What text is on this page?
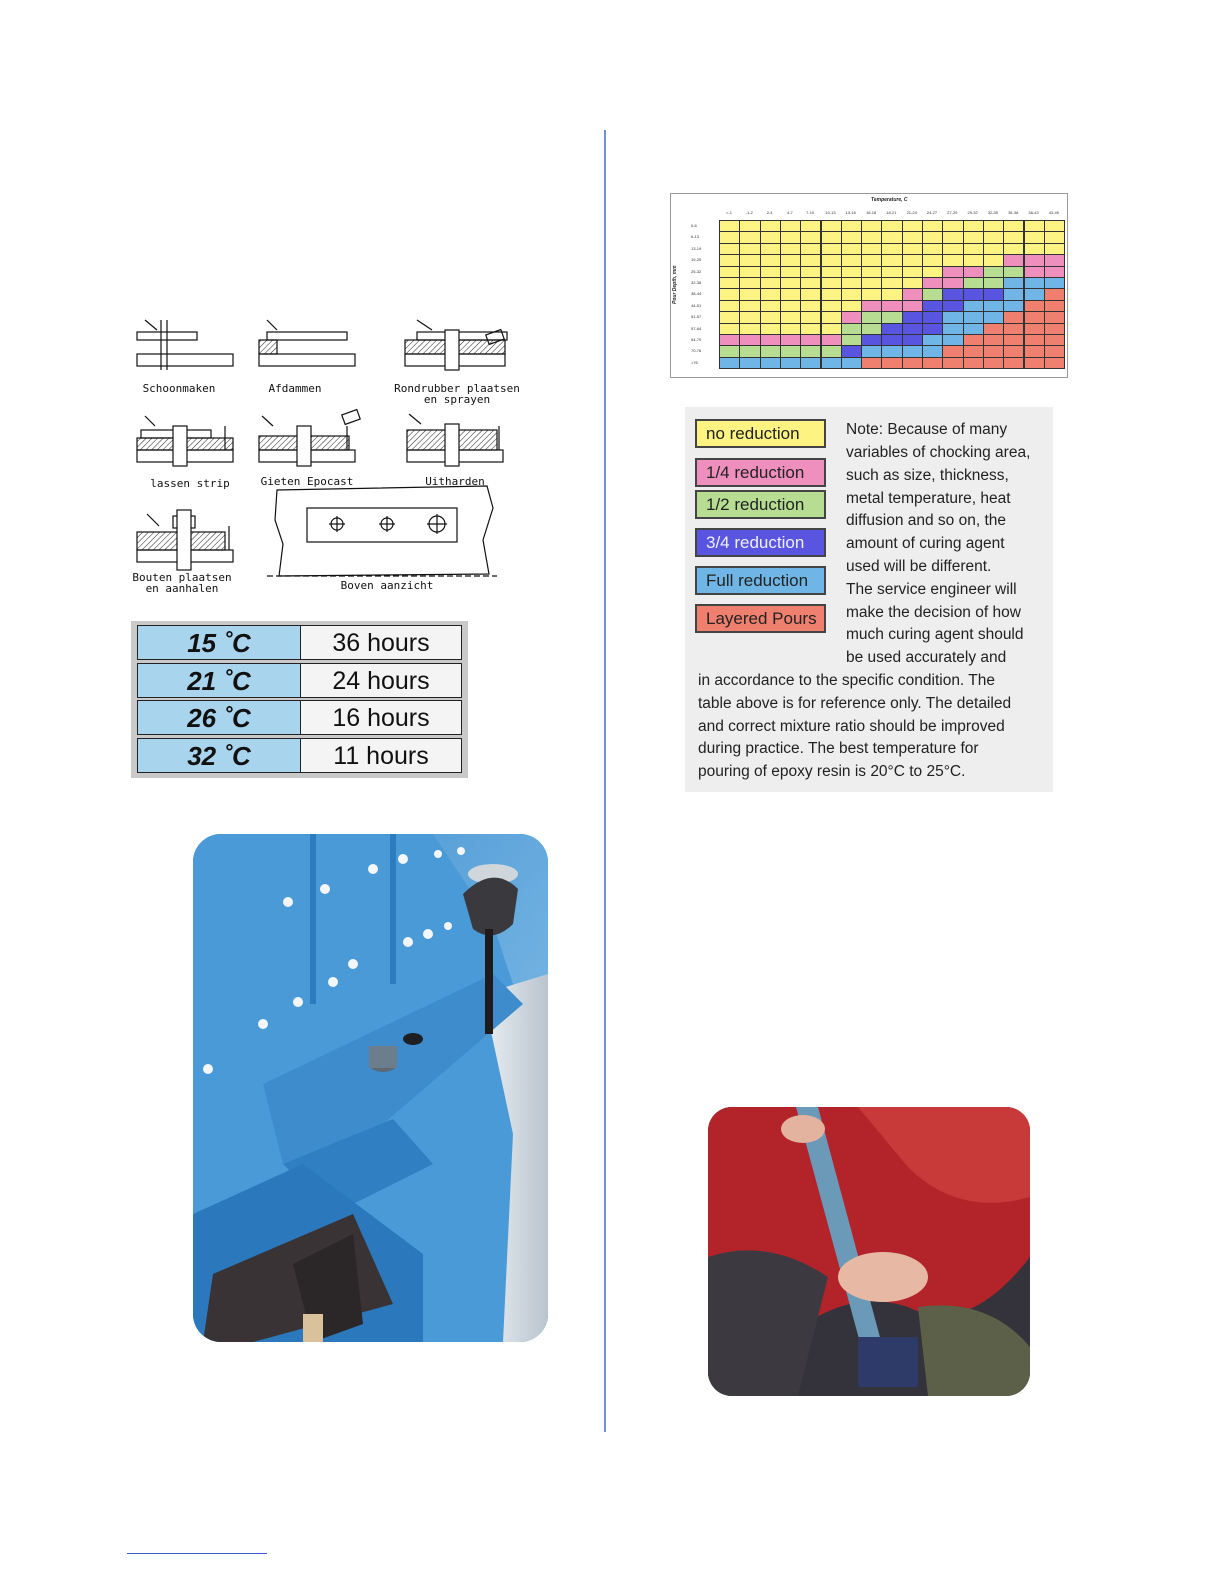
Schoonmaken	Afdammen	Rondrubber plaatsen
en sprayen
lassen strip	Gieten Epocast	Uitharden
Bouten plaatsen
en aanhalen	Boven aanzicht
15 ˚C	36 hours
21 ˚C	24 hours
26 ˚C	16 hours
32 ˚C	11 hours
Temperature, C
Pour Depth, mm
<-1	-1-2	2-4	4-7	7-10	10-13	13-16	16-18	18-21	21-24	24-27	27-29	29-32	32-35	35-38	38-43	43-49
0-6
6-13
13-19
19-25
25-32
32-38
38-44
44-51
51-57
57-64
64-70
70-76
>76
no reduction
1/4 reduction
1/2 reduction
3/4 reduction
Full reduction
Layered Pours
Note: Because of many
variables of chocking area,
such as size, thickness,
metal temperature, heat
diffusion and so on, the
amount of curing agent
used will be different.
The service engineer will
make the decision of how
much curing agent should
be used accurately and
in accordance to the specific condition. The
table above is for reference only. The detailed
and correct mixture ratio should be improved
during practice. The best temperature for
pouring of epoxy resin is 20°C to 25°C.
